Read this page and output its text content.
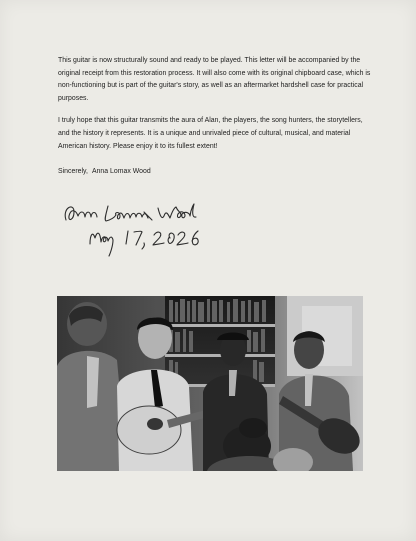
This guitar is now structurally sound and ready to be played. This letter will be accompanied by the original receipt from this restoration process. It will also come with its original chipboard case, which is non-functioning but is part of the guitar's story, as well as an aftermarket hardshell case for practical purposes.

I truly hope that this guitar transmits the aura of Alan, the players, the song hunters, the storytellers, and the history it represents. It is a unique and unrivaled piece of cultural, musical, and material American history. Please enjoy it to its fullest extent!

Sincerely, Anna Lomax Wood
